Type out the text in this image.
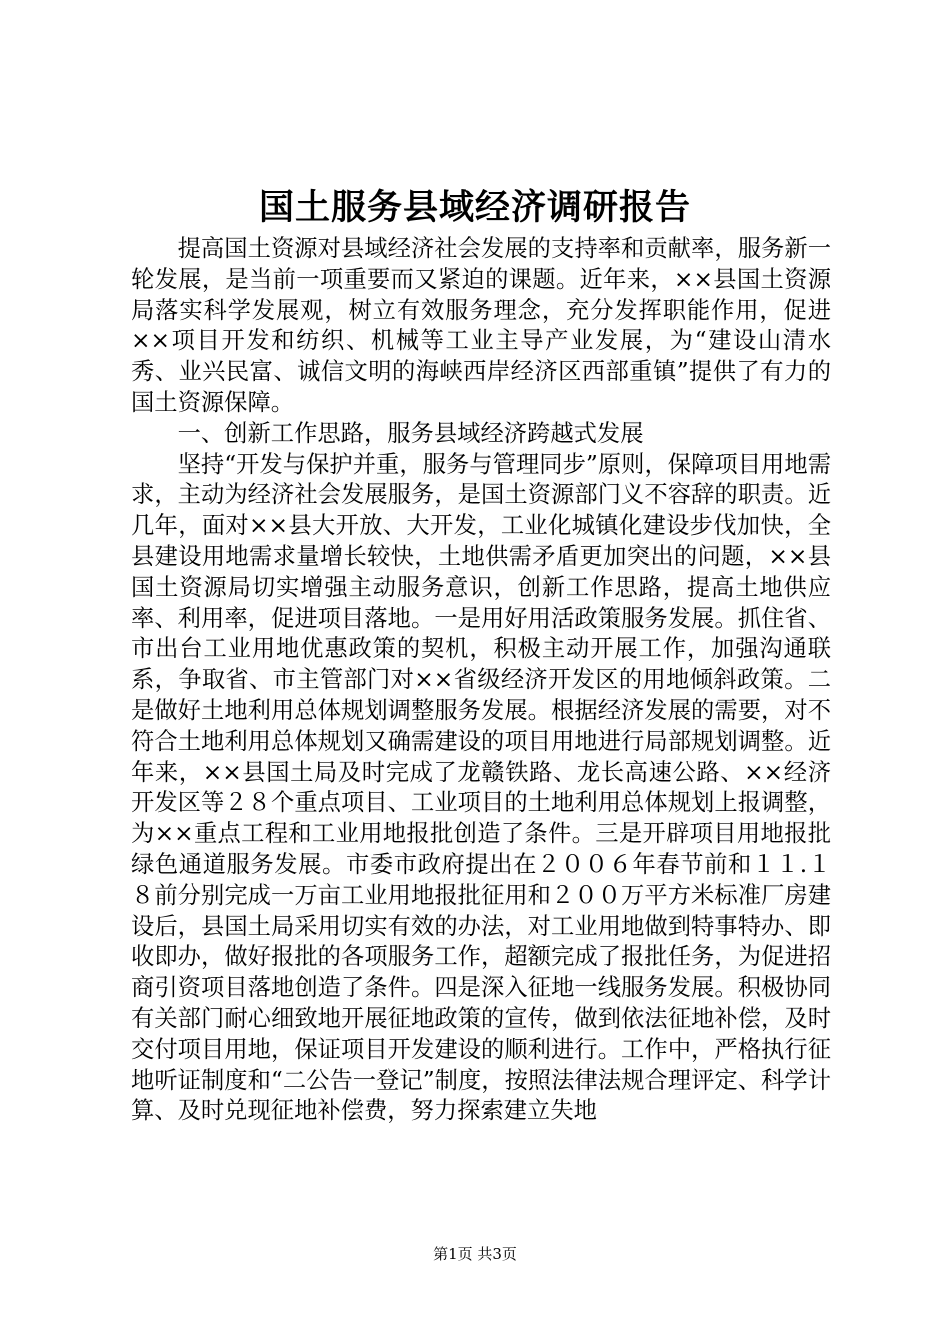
国土服务县域经济调研报告

提高国土资源对县域经济社会发展的支持率和贡献率，服务新一轮发展，是当前一项重要而又紧迫的课题。近年来，××县国土资源局落实科学发展观，树立有效服务理念，充分发挥职能作用，促进××项目开发和纺织、机械等工业主导产业发展，为“建设山清水秀、业兴民富、诚信文明的海峡西岸经济区西部重镇”提供了有力的国土资源保障。

一、创新工作思路，服务县域经济跨越式发展

坚持“开发与保护并重，服务与管理同步”原则，保障项目用地需求，主动为经济社会发展服务，是国土资源部门义不容辞的职责。近几年，面对××县大开放、大开发，工业化城镇化建设步伐加快，全县建设用地需求量增长较快，土地供需矛盾更加突出的问题，××县国土资源局切实增强主动服务意识，创新工作思路，提高土地供应率、利用率，促进项目落地。一是用好用活政策服务发展。抓住省、市出台工业用地优惠政策的契机，积极主动开展工作，加强沟通联系，争取省、市主管部门对××省级经济开发区的用地倾斜政策。二是做好土地利用总体规划调整服务发展。根据经济发展的需要，对不符合土地利用总体规划又确需建设的项目用地进行局部规划调整。近年来，××县国土局及时完成了龙赣铁路、龙长高速公路、××经济开发区等２８个重点项目、工业项目的土地利用总体规划上报调整，为××重点工程和工业用地报批创造了条件。三是开辟项目用地报批绿色通道服务发展。市委市政府提出在２００６年春节前和１１.１８前分别完成一万亩工业用地报批征用和２００万平方米标准厂房建设后，县国土局采用切实有效的办法，对工业用地做到特事特办、即收即办，做好报批的各项服务工作，超额完成了报批任务，为促进招商引资项目落地创造了条件。四是深入征地一线服务发展。积极协同有关部门耐心细致地开展征地政策的宣传，做到依法征地补偿，及时交付项目用地，保证项目开发建设的顺利进行。工作中，严格执行征地听证制度和“二公告一登记”制度，按照法律法规合理评定、科学计算、及时兑现征地补偿费，努力探索建立失地

第1页 共3页
